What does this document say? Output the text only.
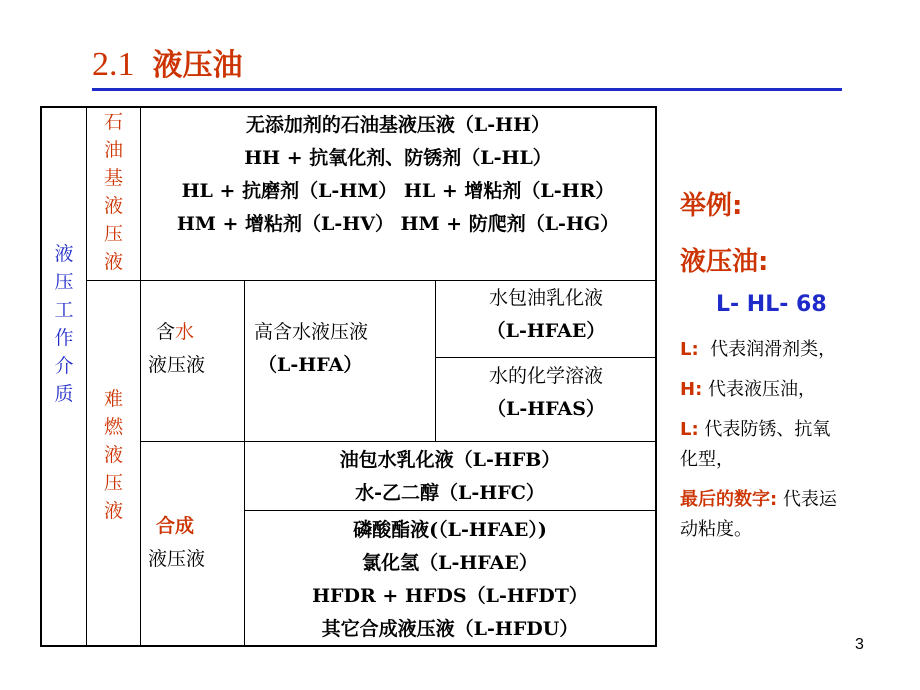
2.1 液压油
液
压
工
作
介
质
石
油
基
液
压
液
无添加剂的石油基液压液（L-HH）
HH + 抗氧化剂、防锈剂（L-HL）
HL + 抗磨剂（L-HM） HL + 增粘剂（L-HR）
HM + 增粘剂（L-HV） HM + 防爬剂（L-HG）
难
燃
液
压
液
含水
液压液
高含水液压液
（L-HFA）
水包油乳化液
（L-HFAE）
水的化学溶液
（L-HFAS）
合成
液压液
油包水乳化液（L-HFB）
水-乙二醇（L-HFC）
磷酸酯液(（L-HFAE）)
氯化氢（L-HFAE）
HFDR + HFDS（L-HFDT）
其它合成液压液（L-HFDU）
举例:
液压油:
L- HL- 68
L: 代表润滑剂类，
H: 代表液压油，
L: 代表防锈、抗氧
化型，
最后的数字: 代表运
动粘度。
3
